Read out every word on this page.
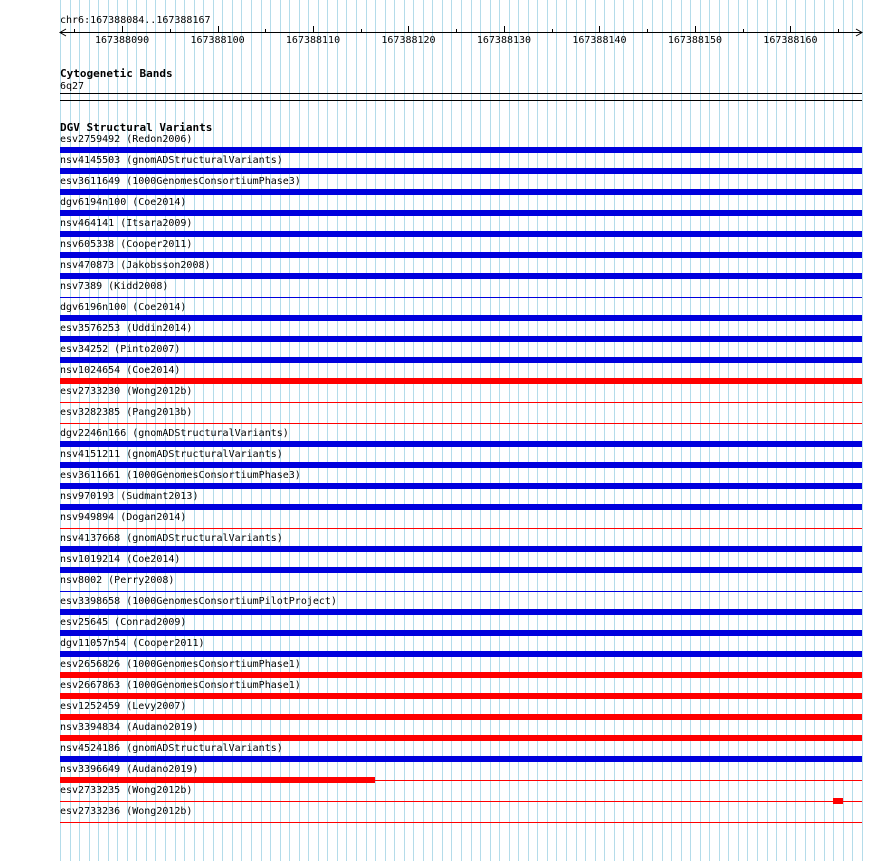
chr6:167388084..167388167
167388090	167388100	167388110	167388120	167388130	167388140	167388150	167388160
Cytogenetic Bands
6q27
DGV Structural Variants
esv2759492 (Redon2006)
nsv4145503 (gnomADStructuralVariants)
esv3611649 (1000GenomesConsortiumPhase3)
dgv6194n100 (Coe2014)
nsv464141 (Itsara2009)
nsv605338 (Cooper2011)
nsv470873 (Jakobsson2008)
nsv7389 (Kidd2008)
dgv6196n100 (Coe2014)
esv3576253 (Uddin2014)
esv34252 (Pinto2007)
nsv1024654 (Coe2014)
esv2733230 (Wong2012b)
esv3282385 (Pang2013b)
dgv2246n166 (gnomADStructuralVariants)
nsv4151211 (gnomADStructuralVariants)
esv3611661 (1000GenomesConsortiumPhase3)
nsv970193 (Sudmant2013)
nsv949894 (Dogan2014)
nsv4137668 (gnomADStructuralVariants)
nsv1019214 (Coe2014)
nsv8002 (Perry2008)
esv3398658 (1000GenomesConsortiumPilotProject)
esv25645 (Conrad2009)
dgv11057n54 (Cooper2011)
esv2656826 (1000GenomesConsortiumPhase1)
esv2667863 (1000GenomesConsortiumPhase1)
esv1252459 (Levy2007)
nsv3394834 (Audano2019)
nsv4524186 (gnomADStructuralVariants)
nsv3396649 (Audano2019)
esv2733235 (Wong2012b)
esv2733236 (Wong2012b)
